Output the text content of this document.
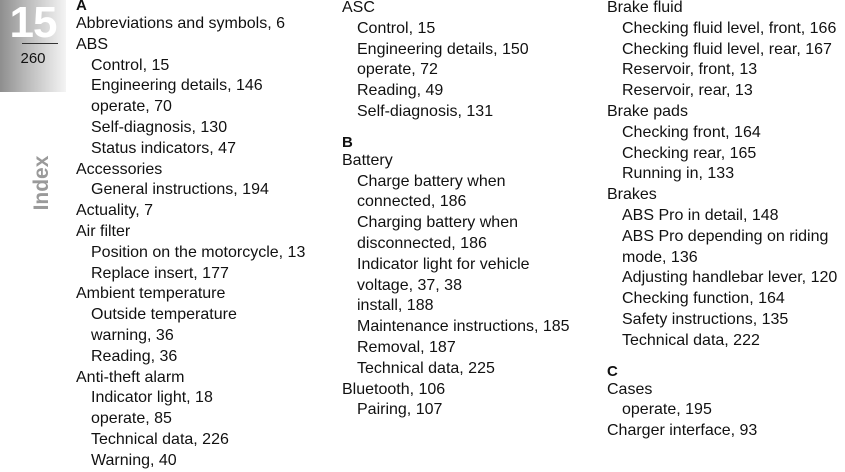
15
260
Index
A
Abbreviations and symbols, 6
ABS
Control, 15
Engineering details, 146
operate, 70
Self-diagnosis, 130
Status indicators, 47
Accessories
General instructions, 194
Actuality, 7
Air filter
Position on the motorcycle, 13
Replace insert, 177
Ambient temperature
Outside temperature
warning, 36
Reading, 36
Anti-theft alarm
Indicator light, 18
operate, 85
Technical data, 226
Warning, 40
ASC
Control, 15
Engineering details, 150
operate, 72
Reading, 49
Self-diagnosis, 131
B
Battery
Charge battery when
connected, 186
Charging battery when
disconnected, 186
Indicator light for vehicle
voltage, 37, 38
install, 188
Maintenance instructions, 185
Removal, 187
Technical data, 225
Bluetooth, 106
Pairing, 107
Brake fluid
Checking fluid level, front, 166
Checking fluid level, rear, 167
Reservoir, front, 13
Reservoir, rear, 13
Brake pads
Checking front, 164
Checking rear, 165
Running in, 133
Brakes
ABS Pro in detail, 148
ABS Pro depending on riding
mode, 136
Adjusting handlebar lever, 120
Checking function, 164
Safety instructions, 135
Technical data, 222
C
Cases
operate, 195
Charger interface, 93
